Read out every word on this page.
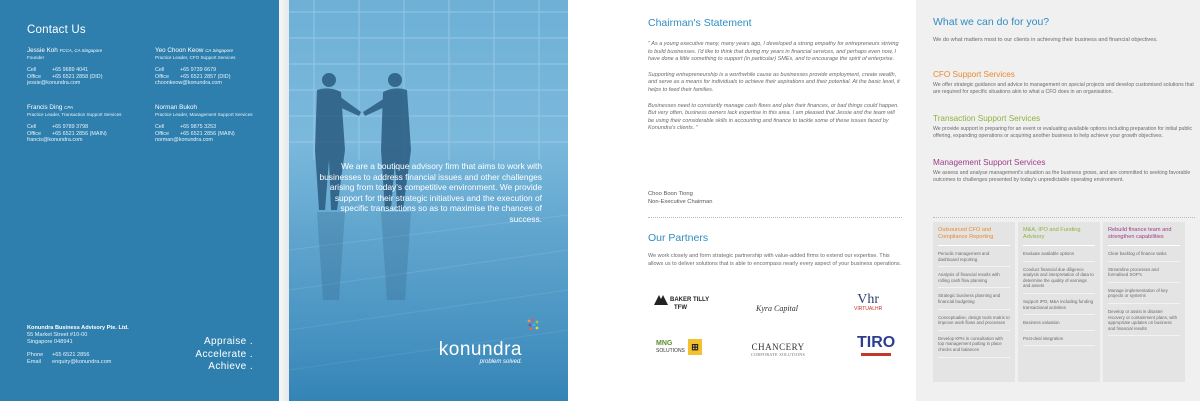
Contact Us
Jessie Koh FCCA, CA Singapore
Founder
Cell	+65 9689 4041
Office +65 6521 2858 (DID)
jessie@konundra.com
Yeo Choon Keow CA Singapore
Practice Leader, CFO Support Services
Cell	+65 9739 6679
Office +65 6521 2857 (DID)
choonkeow@konundra.com
Francis Ding CPA
Practice Leader, Transaction Support Services
Cell	+65 9789 3798
Office +65 6521 2856 (MAIN)
francis@konundra.com
Norman Bukoh
Practice Leader, Management Support Services
Cell	+65 9875 3253
Office +65 6521 2856 (MAIN)
norman@konundra.com
Konundra Business Advisory Pte. Ltd.
55 Market Street #10-00
Singapore 048941
Phone +65 6521 2856
Email enquiry@konundra.com
Appraise .
Accelerate .
Achieve .
We are a boutique advisory firm that aims to work with businesses to address financial issues and other challenges arising from today's competitive environment. We provide support for their strategic initiatives and the execution of specific transactions so as to maximise the chances of success.
konundra
problem solved.
Chairman's Statement

" As a young executive many, many years ago, I developed a strong empathy for entrepreneurs striving to build businesses. I'd like to think that during my years in financial services, and perhaps even now, I have done a little something to support (in particular) SMEs, and to encourage the spirit of enterprise.

Supporting entrepreneurship is a worthwhile cause as businesses provide employment, create wealth, and serve as a means for individuals to achieve their aspirations and their potential. At the basic level, it helps to feed their families.

Businesses need to constantly manage cash flows and plan their finances, or bad things could happen. But very often, business owners lack expertise in this area. I am pleased that Jessie and the team will be using their considerable skills in accounting and finance to tackle some of these issues faced by Konundra's clients. "

Choo Boon Tiong
Non-Executive Chairman
Our Partners
We work closely and form strategic partnership with value-added firms to extend our expertise. This allows us to deliver solutions that is able to encompass nearly every aspect of your business operations.
BAKER TILLY
TFW	Kyra Capital
Vhr
VIRTUALHR
MNG
SOLUTIONS ⊞	CHANCERY
CORPORATE SOLUTIONS
TIRO
What we can do for you?
We do what matters most to our clients in achieving their business and financial objectives.
CFO Support Services
We offer strategic guidance and advice to management on special projects and develop customised solutions that are required for specific situations akin to what a CFO does in an organisation.
Transaction Support Services
We provide support in preparing for an event or evaluating available options including preparation for initial public offering, expanding operations or acquiring another business to help achieve your growth objectives.
Management Support Services
We assess and analyse management's situation as the business grows, and are committed to seeking favorable outcomes to challenges presented by today's unpredictable operating environment.
Outsourced CFO and Compliance Reporting
Periodic management and dashboard reporting
Analysis of financial results with rolling cash flow planning
Strategic business planning and financial budgeting
Conceptualise, design tools matrix to improve work flows and processes
Develop KPIs in consultation with top management putting in place checks and balances
M&A, IPO and Funding Advisory
Evaluate available options
Conduct financial due diligence analysis and interpretation of data to determine the quality of earnings and assets
Support IPO, M&A including funding transactional activities
Business valuation
Post-deal integration
Rebuild finance team and strengthen capabilities
Clear backlog of finance tasks
Streamline processes and formalised SOP's
Manage implementation of key projects or systems
Develop or assist in disaster recovery or containment plans, with appropriate updates on business and financial results
